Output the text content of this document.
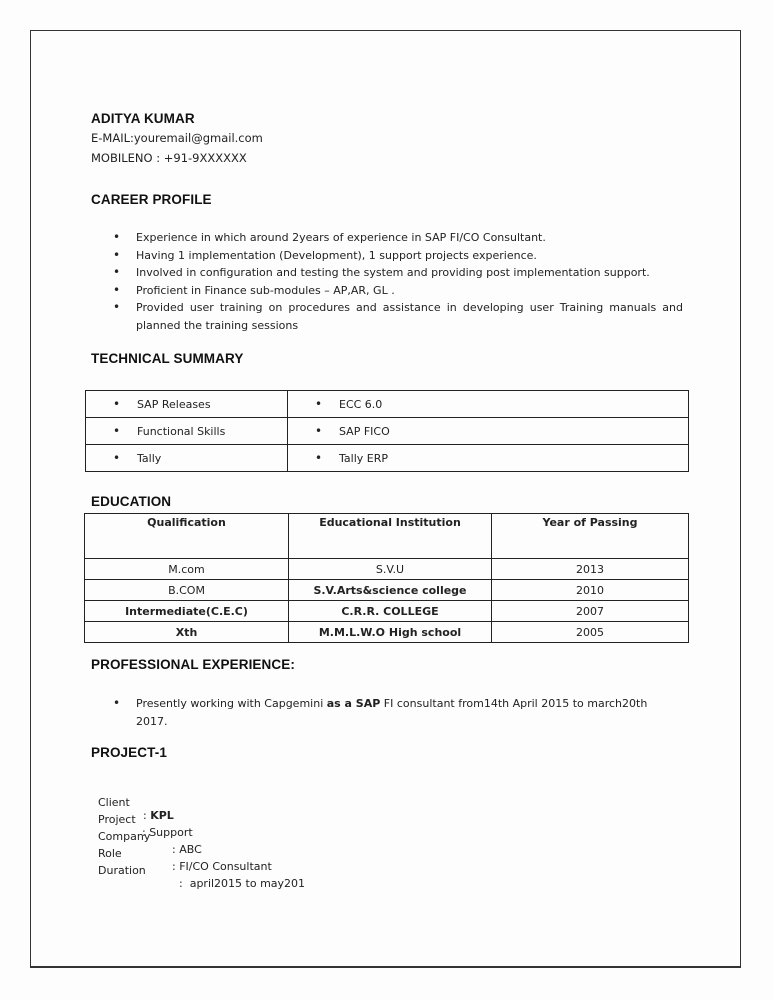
ADITYA KUMAR
E-MAIL:youremail@gmail.com
MOBILENO : +91-9XXXXXX
CAREER PROFILE
• Experience in which around 2years of experience in SAP FI/CO Consultant.
• Having 1 implementation (Development), 1 support projects experience.
• Involved in configuration and testing the system and providing post implementation support.
• Proficient in Finance sub-modules – AP,AR, GL .
• Provided user training on procedures and assistance in developing user Training manuals and planned the training sessions
TECHNICAL SUMMARY
• SAP Releases	• ECC 6.0

• Functional Skills	• SAP FICO

• Tally	• Tally ERP
EDUCATION
Qualification	Educational Institution	Year of Passing
M.com	S.V.U	2013
B.COM	S.V.Arts&science college	2010
Intermediate(C.E.C)	C.R.R. COLLEGE	2007
Xth	M.M.L.W.O High school	2005
PROFESSIONAL EXPERIENCE:
• Presently working with Capgemini as a SAP FI consultant from14th April 2015 to march20th 2017.
PROJECT-1

Client

: KPL

Project

: Support

Company

: ABC

Role

: FI/CO Consultant

Duration

:  april2015 to may201
